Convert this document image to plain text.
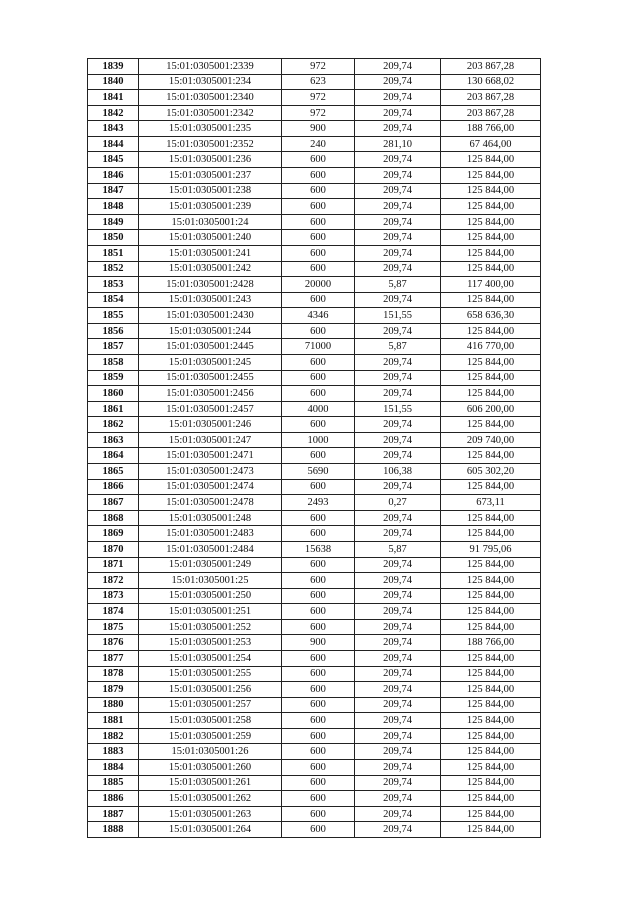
1839	15:01:0305001:2339	972	209,74	203 867,28
1840	15:01:0305001:234	623	209,74	130 668,02
1841	15:01:0305001:2340	972	209,74	203 867,28
1842	15:01:0305001:2342	972	209,74	203 867,28
1843	15:01:0305001:235	900	209,74	188 766,00
1844	15:01:0305001:2352	240	281,10	67 464,00
1845	15:01:0305001:236	600	209,74	125 844,00
1846	15:01:0305001:237	600	209,74	125 844,00
1847	15:01:0305001:238	600	209,74	125 844,00
1848	15:01:0305001:239	600	209,74	125 844,00
1849	15:01:0305001:24	600	209,74	125 844,00
1850	15:01:0305001:240	600	209,74	125 844,00
1851	15:01:0305001:241	600	209,74	125 844,00
1852	15:01:0305001:242	600	209,74	125 844,00
1853	15:01:0305001:2428	20000	5,87	117 400,00
1854	15:01:0305001:243	600	209,74	125 844,00
1855	15:01:0305001:2430	4346	151,55	658 636,30
1856	15:01:0305001:244	600	209,74	125 844,00
1857	15:01:0305001:2445	71000	5,87	416 770,00
1858	15:01:0305001:245	600	209,74	125 844,00
1859	15:01:0305001:2455	600	209,74	125 844,00
1860	15:01:0305001:2456	600	209,74	125 844,00
1861	15:01:0305001:2457	4000	151,55	606 200,00
1862	15:01:0305001:246	600	209,74	125 844,00
1863	15:01:0305001:247	1000	209,74	209 740,00
1864	15:01:0305001:2471	600	209,74	125 844,00
1865	15:01:0305001:2473	5690	106,38	605 302,20
1866	15:01:0305001:2474	600	209,74	125 844,00
1867	15:01:0305001:2478	2493	0,27	673,11
1868	15:01:0305001:248	600	209,74	125 844,00
1869	15:01:0305001:2483	600	209,74	125 844,00
1870	15:01:0305001:2484	15638	5,87	91 795,06
1871	15:01:0305001:249	600	209,74	125 844,00
1872	15:01:0305001:25	600	209,74	125 844,00
1873	15:01:0305001:250	600	209,74	125 844,00
1874	15:01:0305001:251	600	209,74	125 844,00
1875	15:01:0305001:252	600	209,74	125 844,00
1876	15:01:0305001:253	900	209,74	188 766,00
1877	15:01:0305001:254	600	209,74	125 844,00
1878	15:01:0305001:255	600	209,74	125 844,00
1879	15:01:0305001:256	600	209,74	125 844,00
1880	15:01:0305001:257	600	209,74	125 844,00
1881	15:01:0305001:258	600	209,74	125 844,00
1882	15:01:0305001:259	600	209,74	125 844,00
1883	15:01:0305001:26	600	209,74	125 844,00
1884	15:01:0305001:260	600	209,74	125 844,00
1885	15:01:0305001:261	600	209,74	125 844,00
1886	15:01:0305001:262	600	209,74	125 844,00
1887	15:01:0305001:263	600	209,74	125 844,00
1888	15:01:0305001:264	600	209,74	125 844,00
